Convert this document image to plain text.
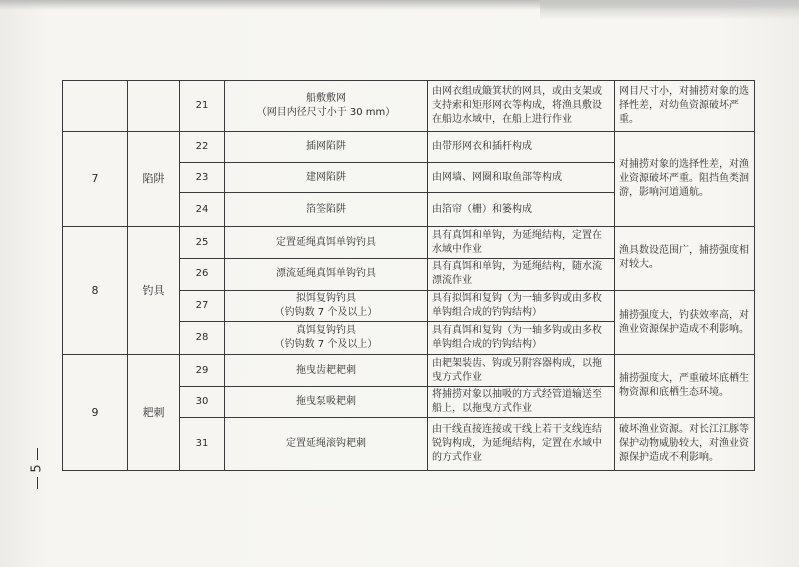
		21	船敷敷网
（网目内径尺寸小于 30 mm）	由网衣组成簸箕状的网具，或由支架或支持索和矩形网衣等构成，将渔具敷设在船边水域中，在船上进行作业	网目尺寸小，对捕捞对象的选择性差，对幼鱼资源破坏严重。
7	陷阱	22	插网陷阱	由带形网衣和插杆构成	对捕捞对象的选择性差，对渔业资源破坏严重。阻挡鱼类洄游，影响河道通航。
		23	建网陷阱	由网墙、网圈和取鱼部等构成	
		24	箔筌陷阱	由箔帘（栅）和篓构成	
8	钓具	25	定置延绳真饵单钩钓具	具有真饵和单钩，为延绳结构，定置在水域中作业	渔具数设范围广，捕捞强度相对较大。
		26	漂流延绳真饵单钩钓具	具有真饵和单钩，为延绳结构，随水流漂流作业	
		27	拟饵复钩钓具
（钓钩数 7 个及以上）	具有拟饵和复钩（为一轴多钩或由多枚单钩组合成的钓钩结构）	捕捞强度大，钓获效率高，对渔业资源保护造成不利影响。
		28	真饵复钩钓具
（钓钩数 7 个及以上）	具有真饵和复钩（为一轴多钩或由多枚单钩组合成的钓钩结构）	
9	耙刺	29	拖曳齿耙耙刺	由耙架装齿、钩或另附容器构成，以拖曳方式作业	捕捞强度大，严重破坏底栖生物资源和底栖生态环境。
		30	拖曳泵吸耙刺	将捕捞对象以抽吸的方式经管道输送至船上，以拖曳方式作业	
		31	定置延绳滚钩耙刺	由干线直接连接或干线上若干支线连结锐钩构成，为延绳结构，定置在水域中的方式作业	破坏渔业资源。对长江江豚等保护动物威胁较大，对渔业资源保护造成不利影响。
5
